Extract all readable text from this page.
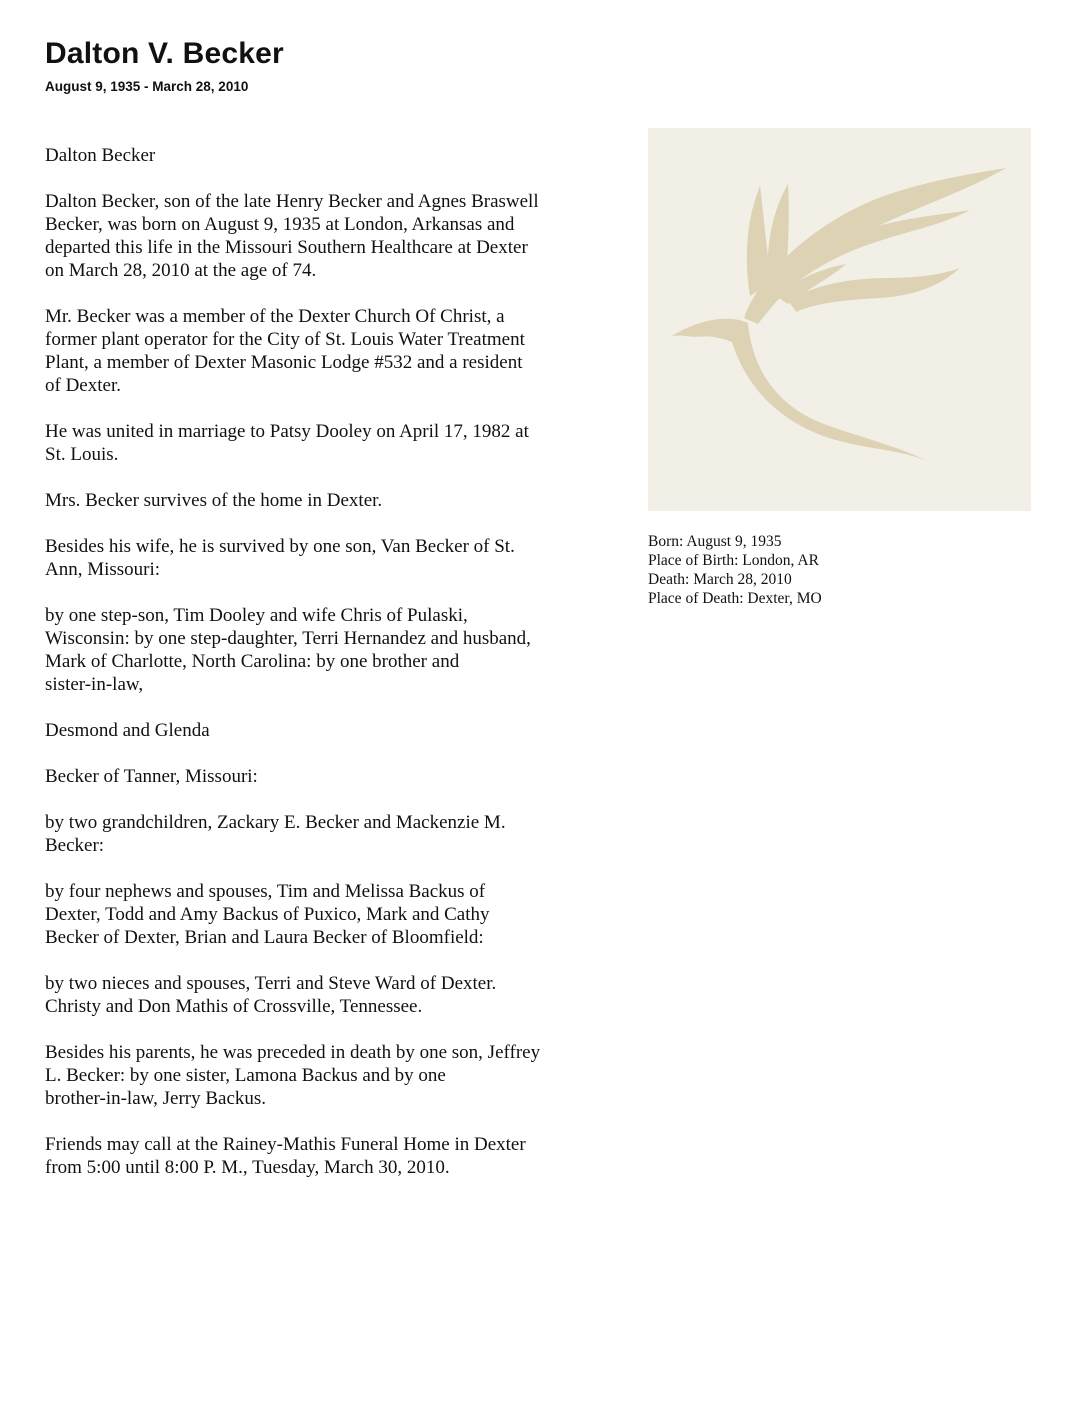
Dalton V. Becker
August 9, 1935 - March 28, 2010

Dalton Becker

Dalton Becker, son of the late Henry Becker and Agnes Braswell
Becker, was born on August 9, 1935 at London, Arkansas and
departed this life in the Missouri Southern Healthcare at Dexter
on March 28, 2010 at the age of 74.

Mr. Becker was a member of the Dexter Church Of Christ, a
former plant operator for the City of St. Louis Water Treatment
Plant, a member of Dexter Masonic Lodge #532 and a resident
of Dexter.

He was united in marriage to Patsy Dooley on April 17, 1982 at
St. Louis.

Mrs. Becker survives of the home in Dexter.

Besides his wife, he is survived by one son, Van Becker of St.
Ann, Missouri:

by one step-son, Tim Dooley and wife Chris of Pulaski,
Wisconsin: by one step-daughter, Terri Hernandez and husband,
Mark of Charlotte, North Carolina: by one brother and
sister-in-law,

Desmond and Glenda

Becker of Tanner, Missouri:

by two grandchildren, Zackary E. Becker and Mackenzie M.
Becker:

by four nephews and spouses, Tim and Melissa Backus of
Dexter, Todd and Amy Backus of Puxico, Mark and Cathy
Becker of Dexter, Brian and Laura Becker of Bloomfield:

by two nieces and spouses, Terri and Steve Ward of Dexter.
Christy and Don Mathis of Crossville, Tennessee.

Besides his parents, he was preceded in death by one son, Jeffrey
L. Becker: by one sister, Lamona Backus and by one
brother-in-law, Jerry Backus.

Friends may call at the Rainey-Mathis Funeral Home in Dexter
from 5:00 until 8:00 P. M., Tuesday, March 30, 2010.

Born: August 9, 1935
Place of Birth: London, AR
Death: March 28, 2010
Place of Death: Dexter, MO
